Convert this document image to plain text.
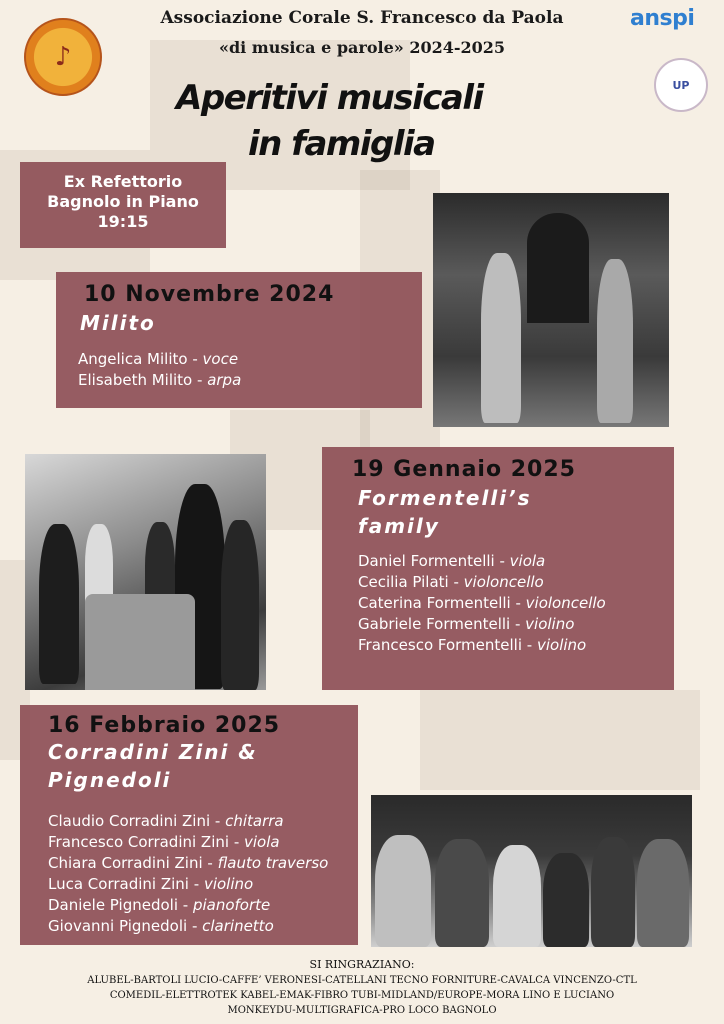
♪
anspi
UP
Associazione Corale S. Francesco da Paola
«di musica e parole» 2024-2025
Aperitivi musicali
in famiglia
Ex Refettorio
Bagnolo in Piano
19:15
10 Novembre 2024
Milito
Angelica Milito - voce
Elisabeth Milito - arpa
19 Gennaio 2025
Formentelli’s
family
Daniel Formentelli - viola
Cecilia Pilati - violoncello
Caterina Formentelli - violoncello
Gabriele Formentelli - violino
Francesco Formentelli - violino
16 Febbraio 2025
Corradini Zini &
Pignedoli
Claudio Corradini Zini - chitarra
Francesco Corradini Zini - viola
Chiara Corradini Zini - flauto traverso
Luca Corradini Zini - violino
Daniele Pignedoli - pianoforte
Giovanni Pignedoli - clarinetto
SI RINGRAZIANO:
ALUBEL-BARTOLI LUCIO-CAFFE’ VERONESI-CATELLANI TECNO FORNITURE-CAVALCA VINCENZO-CTL
COMEDIL-ELETTROTEK KABEL-EMAK-FIBRO TUBI-MIDLAND/EUROPE-MORA LINO E LUCIANO
MONKEYDU-MULTIGRAFICA-PRO LOCO BAGNOLO
